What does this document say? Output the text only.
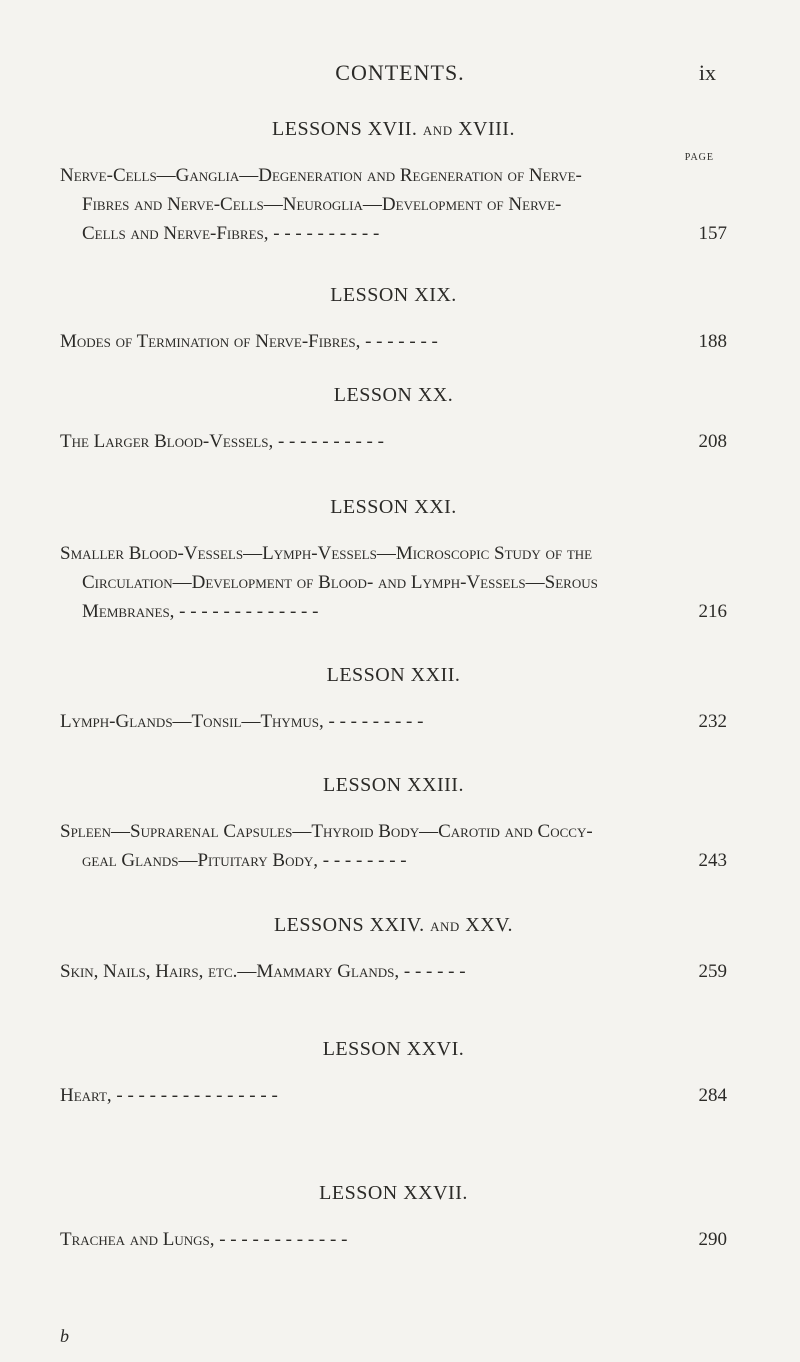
CONTENTS.	ix
PAGE
LESSONS XVII. and XVIII.
Nerve-Cells—Ganglia—Degeneration and Regeneration of Nerve-
Fibres and Nerve-Cells—Neuroglia—Development of Nerve-
Cells and Nerve-Fibres, - - - - - - - - - -	157
LESSON XIX.
Modes of Termination of Nerve-Fibres, - - - - - - -	188
LESSON XX.
The Larger Blood-Vessels, - - - - - - - - - -	208
LESSON XXI.
Smaller Blood-Vessels—Lymph-Vessels—Microscopic Study of the
Circulation—Development of Blood- and Lymph-Vessels—Serous
Membranes, - - - - - - - - - - - - -	216
LESSON XXII.
Lymph-Glands—Tonsil—Thymus, - - - - - - - - -	232
LESSON XXIII.
Spleen—Suprarenal Capsules—Thyroid Body—Carotid and Coccy-
geal Glands—Pituitary Body, - - - - - - - -	243
LESSONS XXIV. and XXV.
Skin, Nails, Hairs, etc.—Mammary Glands, - - - - - -	259
LESSON XXVI.
Heart, - - - - - - - - - - - - - - -	284
LESSON XXVII.
Trachea and Lungs, - - - - - - - - - - - -	290
b
